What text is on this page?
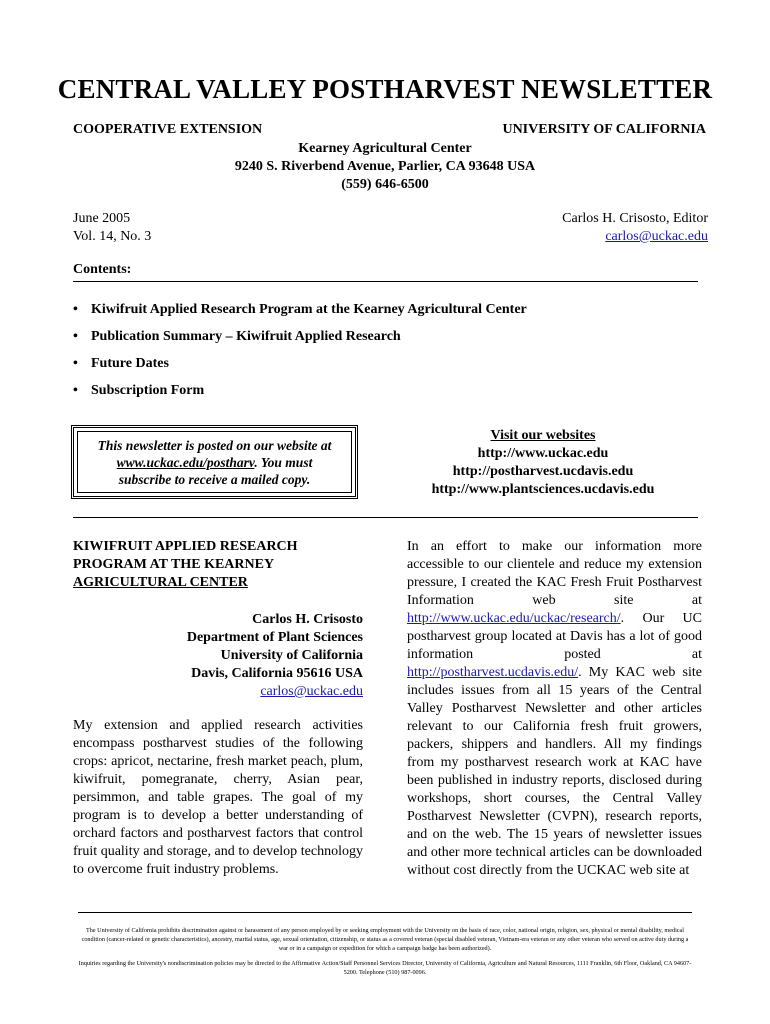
CENTRAL VALLEY POSTHARVEST NEWSLETTER
COOPERATIVE EXTENSION	UNIVERSITY OF CALIFORNIA
Kearney Agricultural Center
9240 S. Riverbend Avenue, Parlier, CA 93648 USA
(559) 646-6500
June 2005
Vol. 14, No. 3
Carlos H. Crisosto, Editor
carlos@uckac.edu
Contents:
• Kiwifruit Applied Research Program at the Kearney Agricultural Center
• Publication Summary – Kiwifruit Applied Research
• Future Dates
• Subscription Form
This newsletter is posted on our website at
www.uckac.edu/postharv. You must
subscribe to receive a mailed copy.
Visit our websites
http://www.uckac.edu
http://postharvest.ucdavis.edu
http://www.plantsciences.ucdavis.edu
KIWIFRUIT APPLIED RESEARCH
PROGRAM AT THE KEARNEY
AGRICULTURAL CENTER
Carlos H. Crisosto
Department of Plant Sciences
University of California
Davis, California 95616 USA
carlos@uckac.edu
My extension and applied research activities encompass postharvest studies of the following crops: apricot, nectarine, fresh market peach, plum, kiwifruit, pomegranate, cherry, Asian pear, persimmon, and table grapes. The goal of my program is to develop a better understanding of orchard factors and postharvest factors that control fruit quality and storage, and to develop technology to overcome fruit industry problems.
In an effort to make our information more accessible to our clientele and reduce my extension pressure, I created the KAC Fresh Fruit Postharvest Information web site at http://www.uckac.edu/uckac/research/. Our UC postharvest group located at Davis has a lot of good information posted at http://postharvest.ucdavis.edu/. My KAC web site includes issues from all 15 years of the Central Valley Postharvest Newsletter and other articles relevant to our California fresh fruit growers, packers, shippers and handlers. All my findings from my postharvest research work at KAC have been published in industry reports, disclosed during workshops, short courses, the Central Valley Postharvest Newsletter (CVPN), research reports, and on the web. The 15 years of newsletter issues and other more technical articles can be downloaded without cost directly from the UCKAC web site at
The University of California prohibits discrimination against or harassment of any person employed by or seeking employment with the University on the basis of race, color, national origin, religion, sex, physical or mental disability, medical condition (cancer-related or genetic characteristics), ancestry, marital status, age, sexual orientation, citizenship, or status as a covered veteran (special disabled veteran, Vietnam-era veteran or any other veteran who served on active duty during a war or in a campaign or expedition for which a campaign badge has been authorized).
Inquiries regarding the University's nondiscrimination policies may be directed to the Affirmative Action/Staff Personnel Services Director, University of California, Agriculture and Natural Resources, 1111 Franklin, 6th Floor, Oakland, CA 94607-5200. Telephone (510) 987-0096.
